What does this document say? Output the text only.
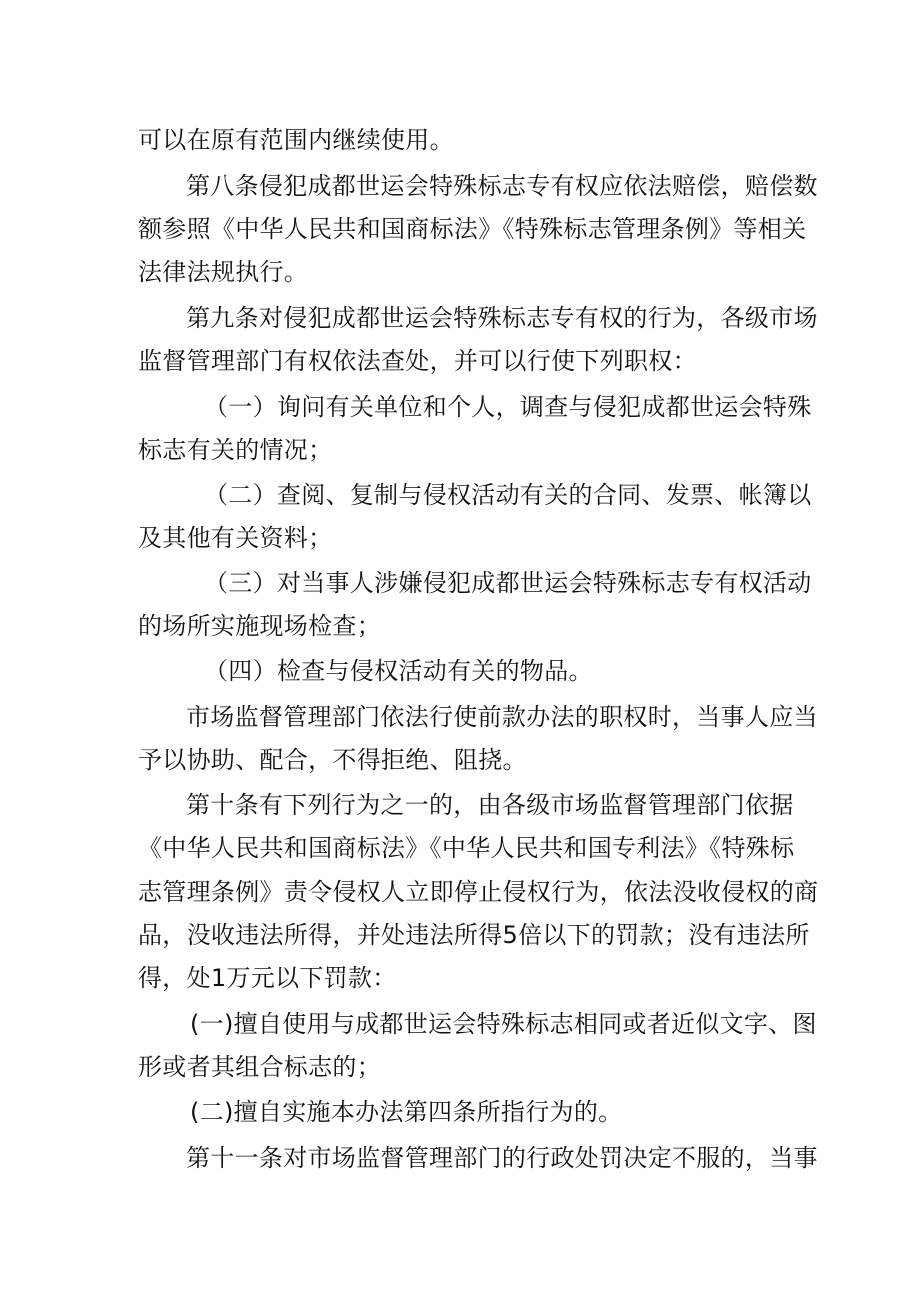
可以在原有范围内继续使用。
第八条侵犯成都世运会特殊标志专有权应依法赔偿，赔偿数
额参照《中华人民共和国商标法》《特殊标志管理条例》等相关
法律法规执行。
第九条对侵犯成都世运会特殊标志专有权的行为，各级市场
监督管理部门有权依法查处，并可以行使下列职权：
（一）询问有关单位和个人，调查与侵犯成都世运会特殊
标志有关的情况；
（二）查阅、复制与侵权活动有关的合同、发票、帐簿以
及其他有关资料；
（三）对当事人涉嫌侵犯成都世运会特殊标志专有权活动
的场所实施现场检查；
（四）检查与侵权活动有关的物品。
市场监督管理部门依法行使前款办法的职权时，当事人应当
予以协助、配合，不得拒绝、阻挠。
第十条有下列行为之一的，由各级市场监督管理部门依据
《中华人民共和国商标法》《中华人民共和国专利法》《特殊标
志管理条例》责令侵权人立即停止侵权行为，依法没收侵权的商
品，没收违法所得，并处违法所得5倍以下的罚款；没有违法所
得，处1万元以下罚款：
(一)擅自使用与成都世运会特殊标志相同或者近似文字、图
形或者其组合标志的；
(二)擅自实施本办法第四条所指行为的。
第十一条对市场监督管理部门的行政处罚决定不服的，当事
